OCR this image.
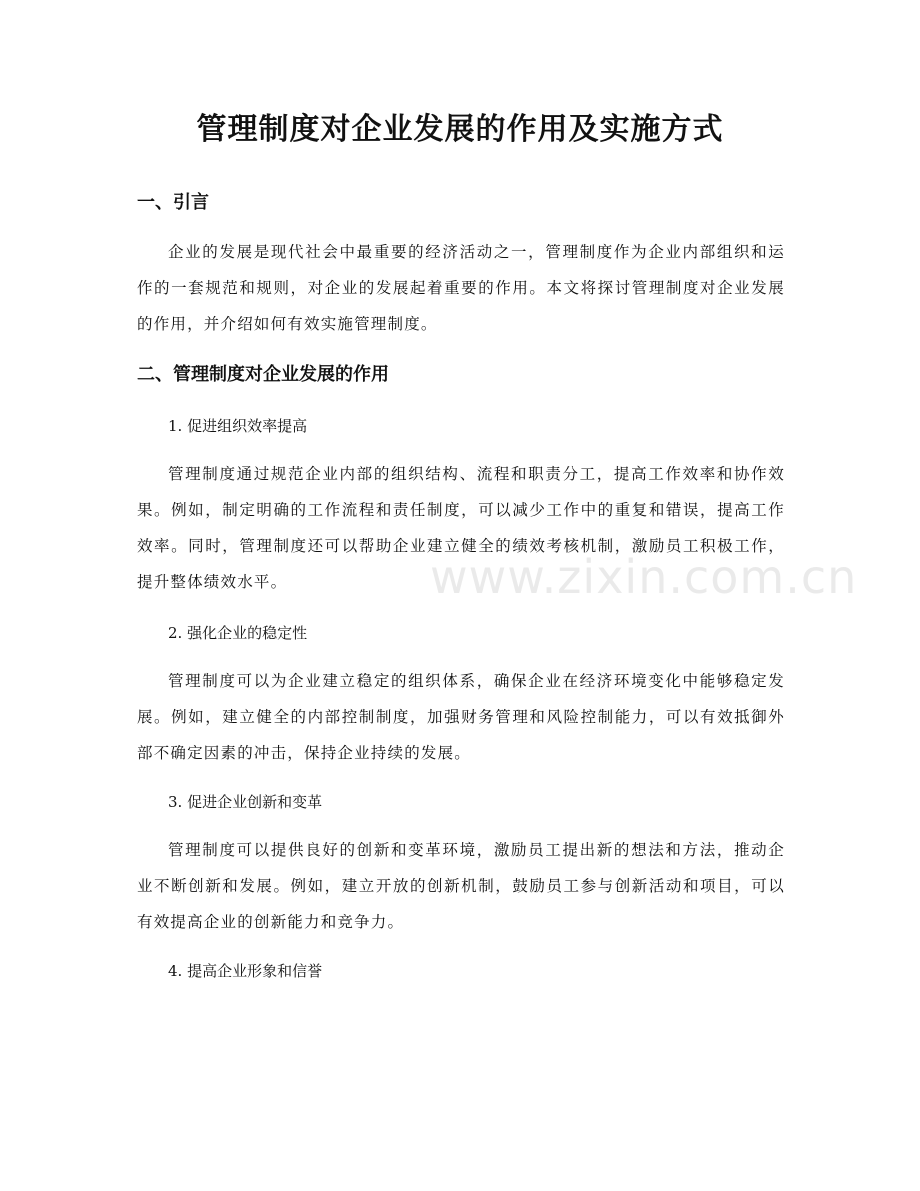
管理制度对企业发展的作用及实施方式
一、引言
企业的发展是现代社会中最重要的经济活动之一，管理制度作为企业内部组织和运作的一套规范和规则，对企业的发展起着重要的作用。本文将探讨管理制度对企业发展的作用，并介绍如何有效实施管理制度。
二、管理制度对企业发展的作用
1. 促进组织效率提高
管理制度通过规范企业内部的组织结构、流程和职责分工，提高工作效率和协作效果。例如，制定明确的工作流程和责任制度，可以减少工作中的重复和错误，提高工作效率。同时，管理制度还可以帮助企业建立健全的绩效考核机制，激励员工积极工作，提升整体绩效水平。
2. 强化企业的稳定性
管理制度可以为企业建立稳定的组织体系，确保企业在经济环境变化中能够稳定发展。例如，建立健全的内部控制制度，加强财务管理和风险控制能力，可以有效抵御外部不确定因素的冲击，保持企业持续的发展。
3. 促进企业创新和变革
管理制度可以提供良好的创新和变革环境，激励员工提出新的想法和方法，推动企业不断创新和发展。例如，建立开放的创新机制，鼓励员工参与创新活动和项目，可以有效提高企业的创新能力和竞争力。
4. 提高企业形象和信誉
www.zixin.com.cn
